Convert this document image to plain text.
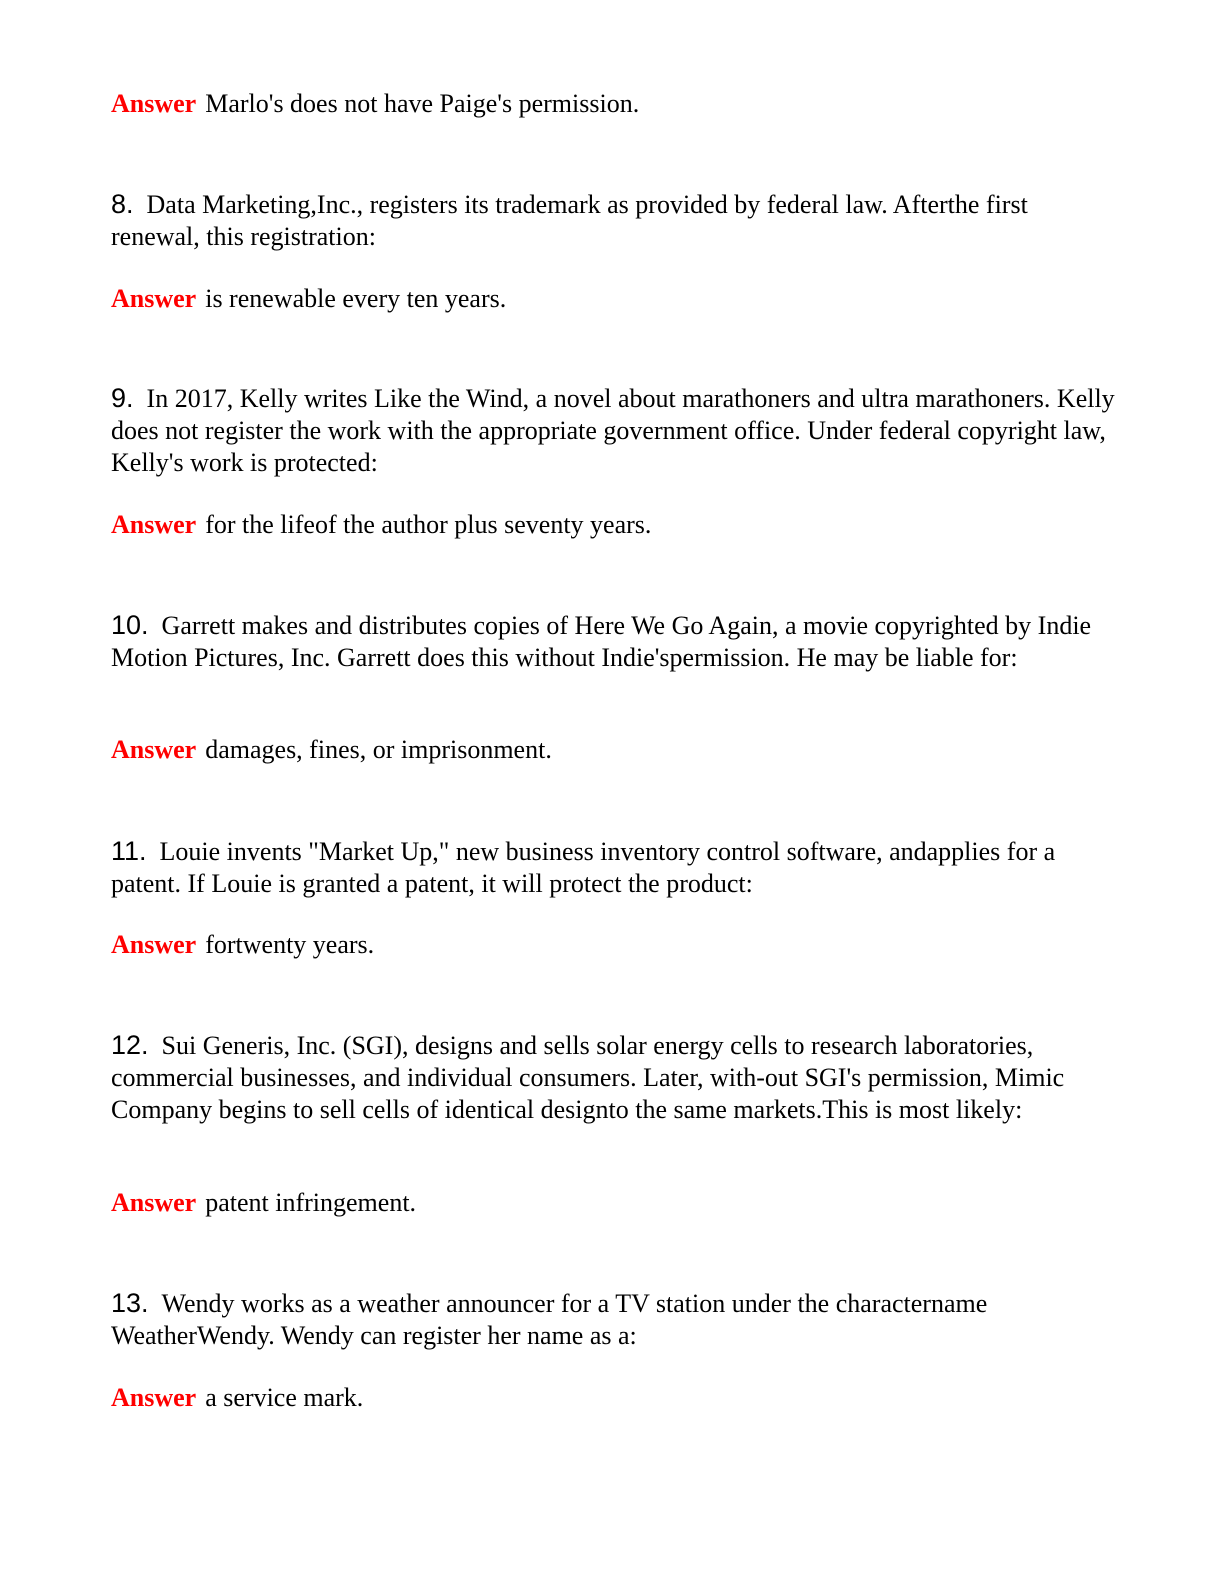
Answer Marlo's does not have Paige's permission.

8. Data Marketing,Inc., registers its trademark as provided by federal law. Afterthe first renewal, this registration:

Answer is renewable every ten years.

9. In 2017, Kelly writes Like the Wind, a novel about marathoners and ultra marathoners. Kelly does not register the work with the appropriate government office. Under federal copyright law, Kelly's work is protected:

Answer for the lifeof the author plus seventy years.

10. Garrett makes and distributes copies of Here We Go Again, a movie copyrighted by Indie Motion Pictures, Inc. Garrett does this without Indie'spermission. He may be liable for:

Answer damages, fines, or imprisonment.

11. Louie invents "Market Up," new business inventory control software, andapplies for a patent. If Louie is granted a patent, it will protect the product:

Answer fortwenty years.

12. Sui Generis, Inc. (SGI), designs and sells solar energy cells to research laboratories, commercial businesses, and individual consumers. Later, with-out SGI's permission, Mimic Company begins to sell cells of identical designto the same markets.This is most likely:

Answer patent infringement.

13. Wendy works as a weather announcer for a TV station under the charactername WeatherWendy. Wendy can register her name as a:

Answer a service mark.
